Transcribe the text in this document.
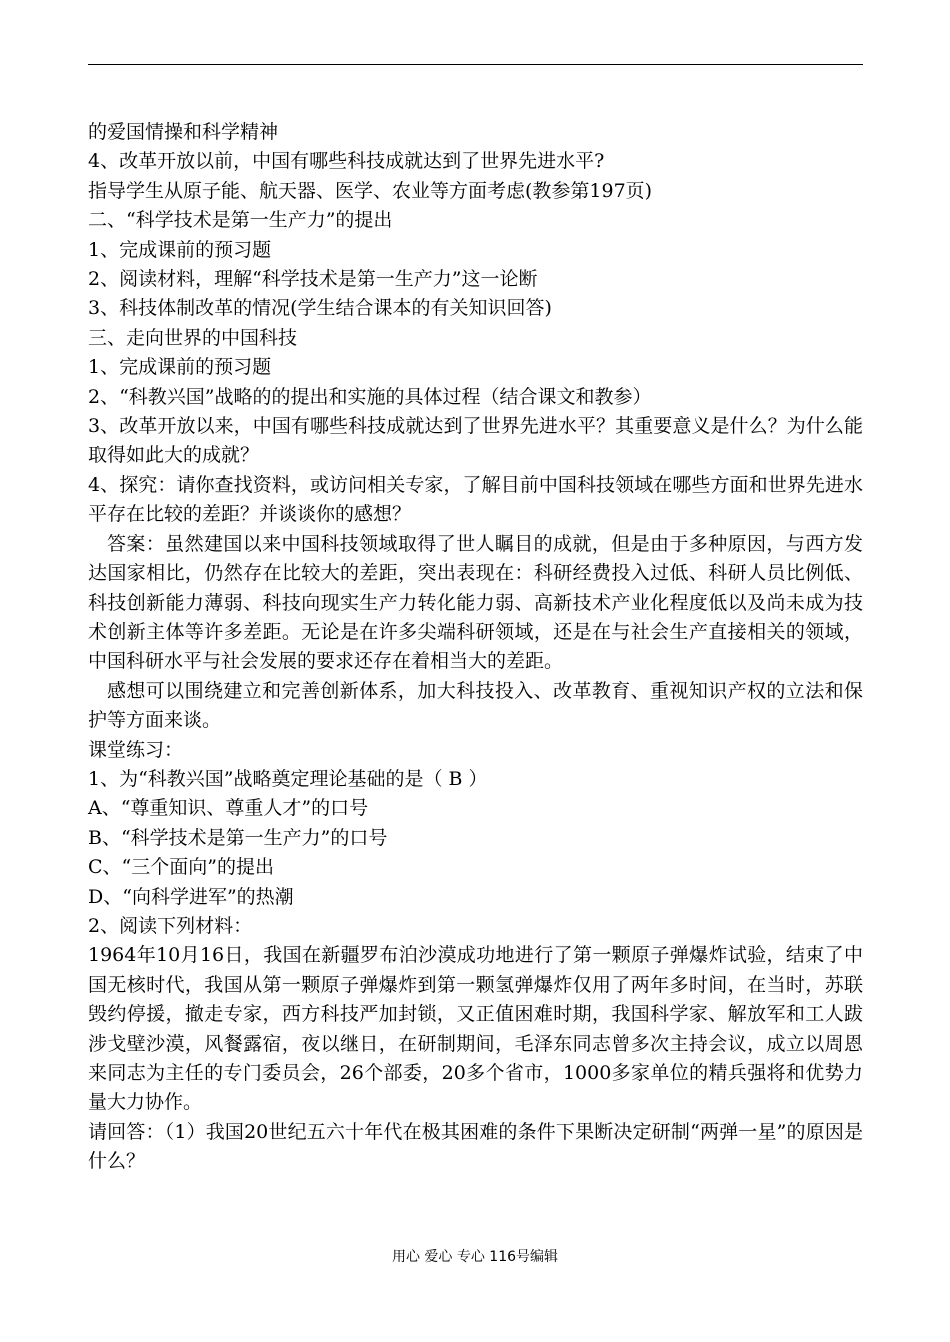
的爱国情操和科学精神
4、改革开放以前，中国有哪些科技成就达到了世界先进水平?
指导学生从原子能、航天器、医学、农业等方面考虑(教参第197页)
二、“科学技术是第一生产力”的提出
1、完成课前的预习题
2、阅读材料，理解“科学技术是第一生产力”这一论断
3、科技体制改革的情况(学生结合课本的有关知识回答)
三、走向世界的中国科技
1、完成课前的预习题
2、“科教兴国”战略的的提出和实施的具体过程（结合课文和教参）
3、改革开放以来，中国有哪些科技成就达到了世界先进水平？其重要意义是什么？为什么能取得如此大的成就？
4、探究：请你查找资料，或访问相关专家，了解目前中国科技领域在哪些方面和世界先进水平存在比较的差距？并谈谈你的感想？
答案：虽然建国以来中国科技领域取得了世人瞩目的成就，但是由于多种原因，与西方发达国家相比，仍然存在比较大的差距，突出表现在：科研经费投入过低、科研人员比例低、科技创新能力薄弱、科技向现实生产力转化能力弱、高新技术产业化程度低以及尚未成为技术创新主体等许多差距。无论是在许多尖端科研领域，还是在与社会生产直接相关的领域，中国科研水平与社会发展的要求还存在着相当大的差距。
感想可以围绕建立和完善创新体系，加大科技投入、改革教育、重视知识产权的立法和保护等方面来谈。
课堂练习：
1、为“科教兴国”战略奠定理论基础的是（ B ）
A、“尊重知识、尊重人才”的口号
B、“科学技术是第一生产力”的口号
C、“三个面向”的提出
D、“向科学进军”的热潮
2、阅读下列材料：
1964年10月16日，我国在新疆罗布泊沙漠成功地进行了第一颗原子弹爆炸试验，结束了中国无核时代，我国从第一颗原子弹爆炸到第一颗氢弹爆炸仅用了两年多时间，在当时，苏联毁约停援，撤走专家，西方科技严加封锁，又正值困难时期，我国科学家、解放军和工人跋涉戈壁沙漠，风餐露宿，夜以继日，在研制期间，毛泽东同志曾多次主持会议，成立以周恩来同志为主任的专门委员会，26个部委，20多个省市，1000多家单位的精兵强将和优势力量大力协作。
请回答：（1）我国20世纪五六十年代在极其困难的条件下果断决定研制“两弹一星”的原因是什么？
用心 爱心 专心 116号编辑
